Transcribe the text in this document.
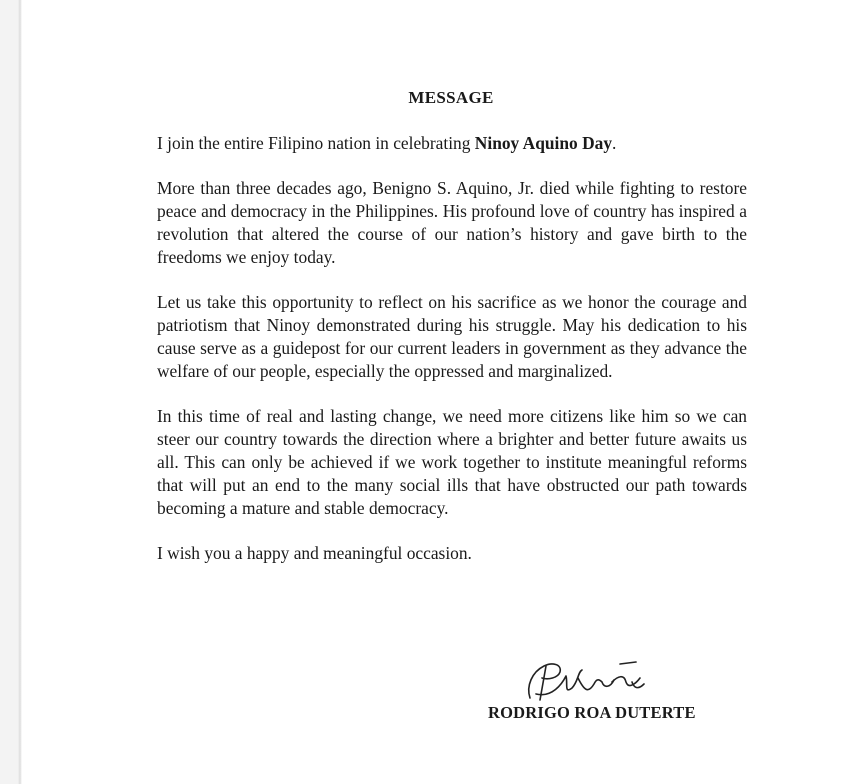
MESSAGE

I join the entire Filipino nation in celebrating Ninoy Aquino Day.

More than three decades ago, Benigno S. Aquino, Jr. died while fighting to restore peace and democracy in the Philippines. His profound love of country has inspired a revolution that altered the course of our nation’s history and gave birth to the freedoms we enjoy today.

Let us take this opportunity to reflect on his sacrifice as we honor the courage and patriotism that Ninoy demonstrated during his struggle. May his dedication to his cause serve as a guidepost for our current leaders in government as they advance the welfare of our people, especially the oppressed and marginalized.

In this time of real and lasting change, we need more citizens like him so we can steer our country towards the direction where a brighter and better future awaits us all. This can only be achieved if we work together to institute meaningful reforms that will put an end to the many social ills that have obstructed our path towards becoming a mature and stable democracy.

I wish you a happy and meaningful occasion.

RODRIGO ROA DUTERTE
